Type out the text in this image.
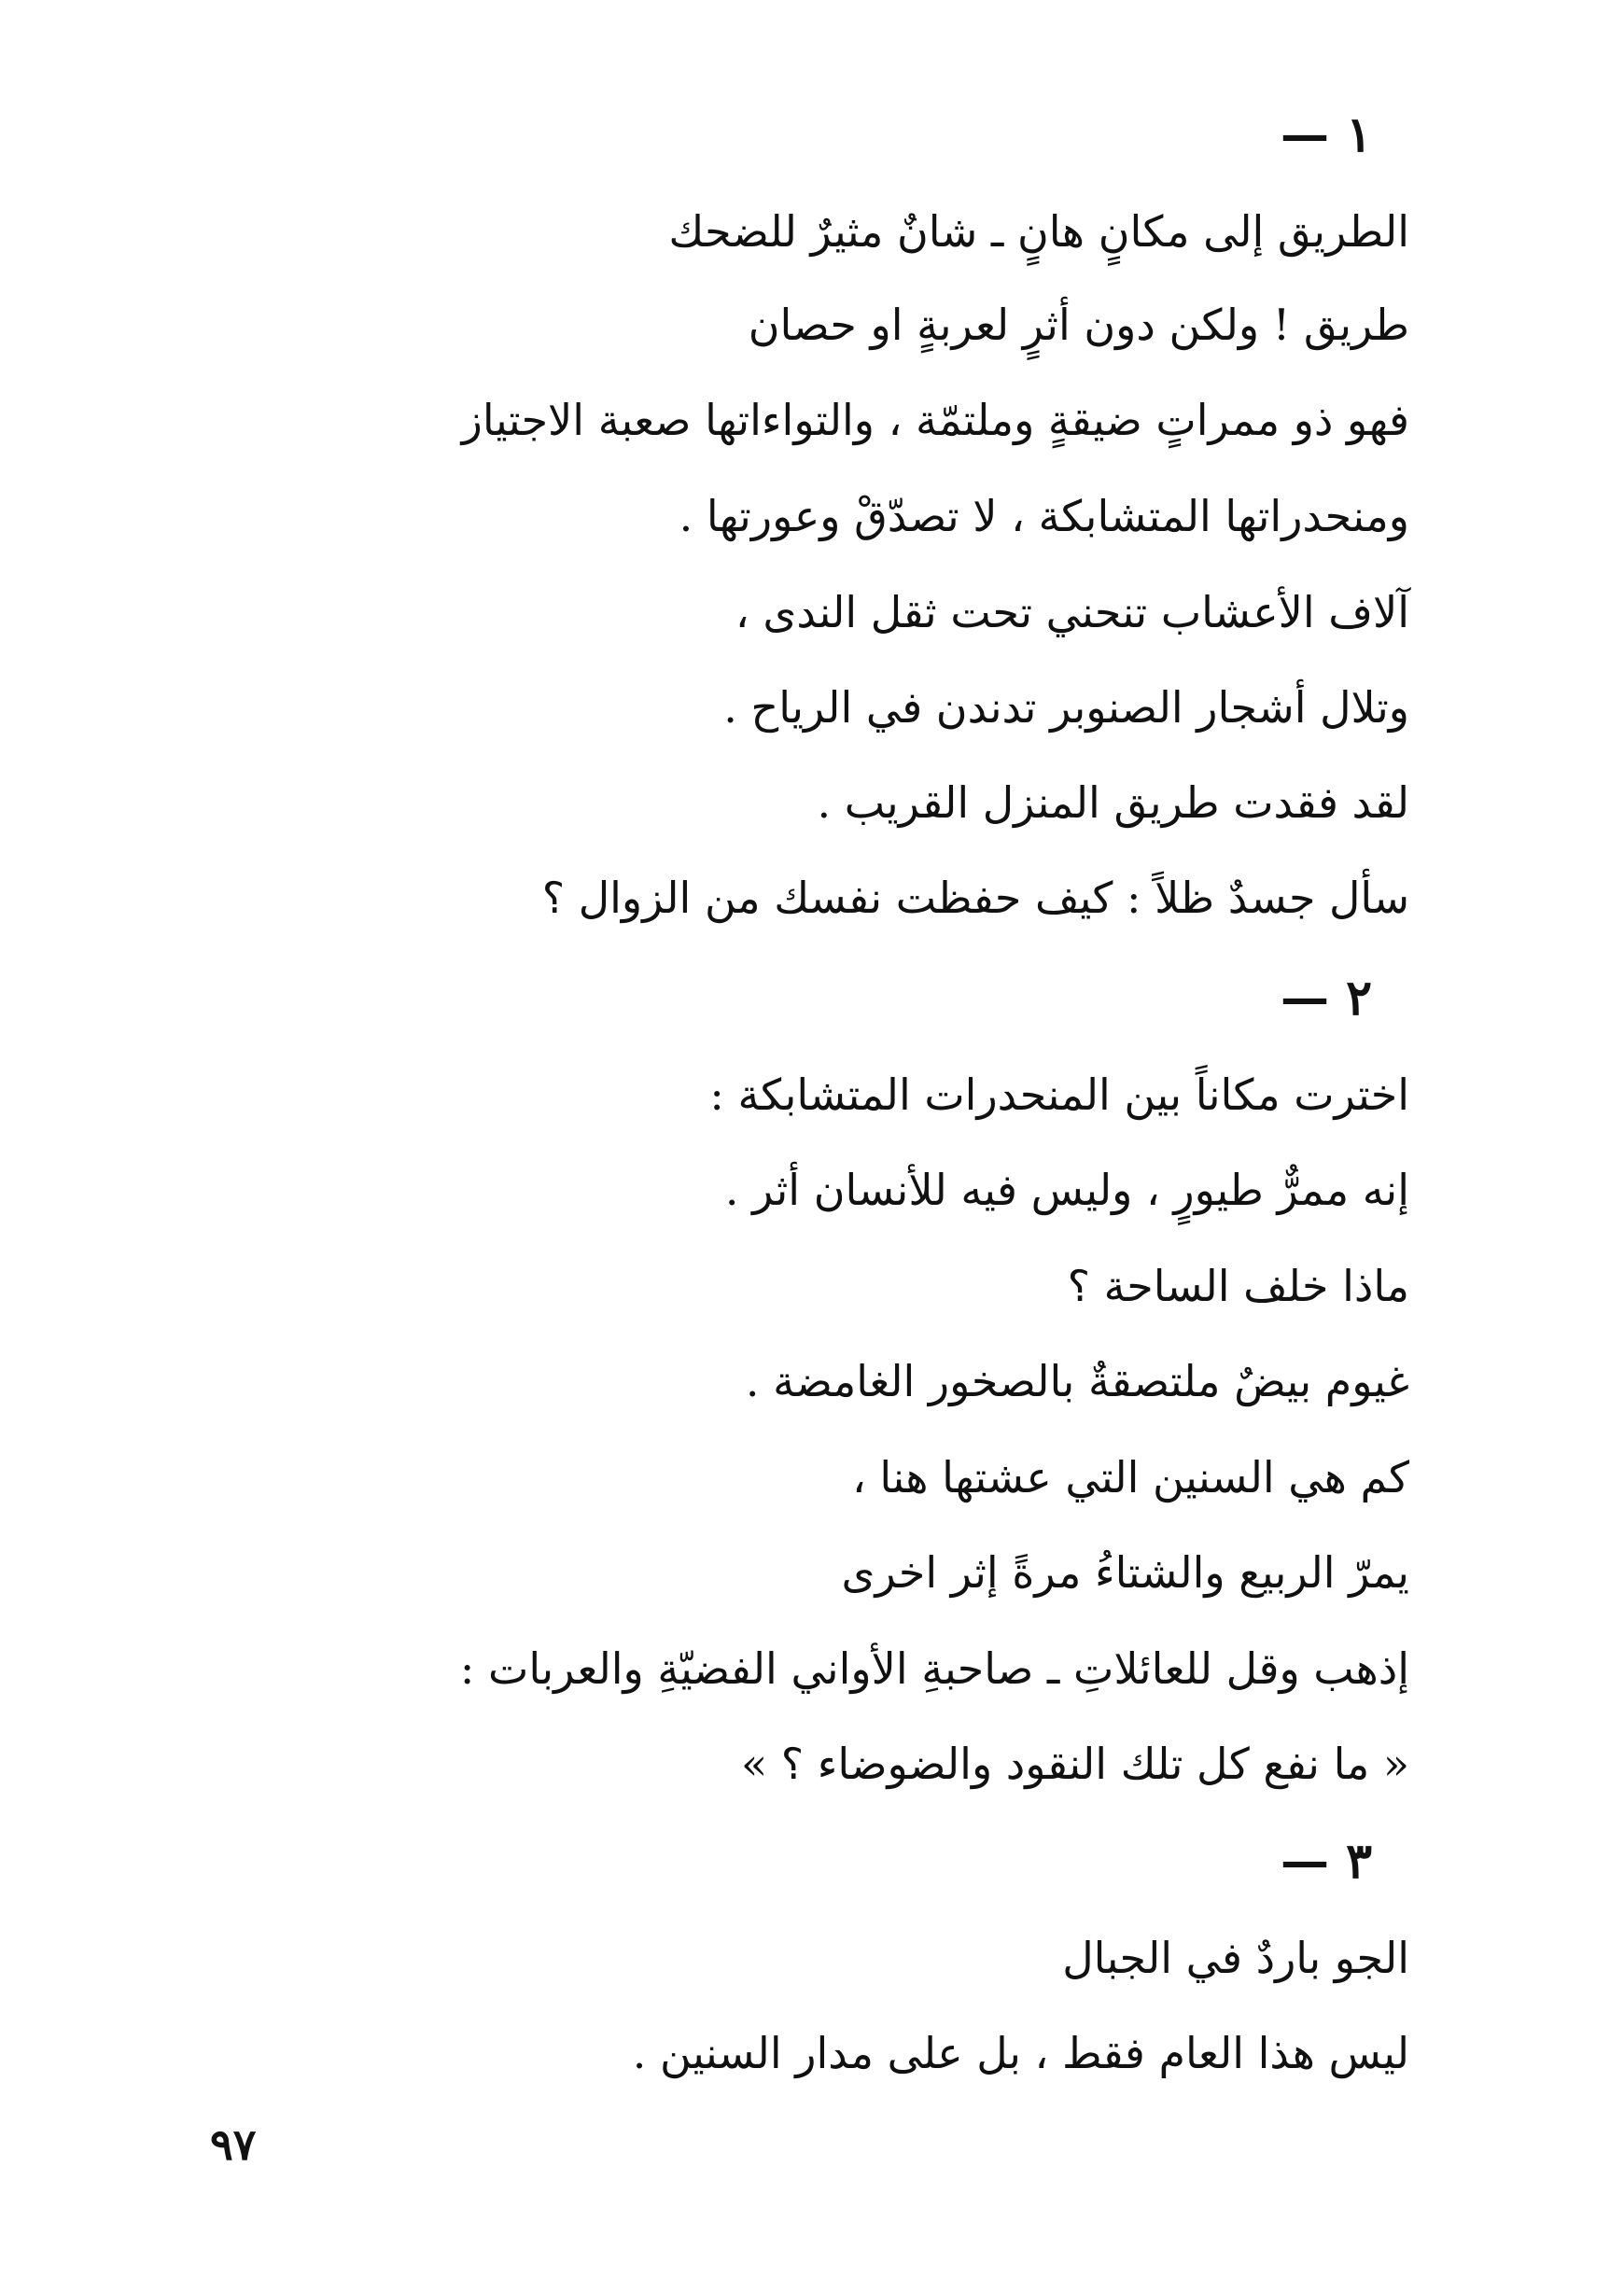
١ —
الطريق إلى مكانٍ هانٍ ـ شانٌ مثيرٌ للضحك
طريق ! ولكن دون أثرٍ لعربةٍ او حصان
فهو ذو ممراتٍ ضيقةٍ وملتمّة ، والتواءاتها صعبة الاجتياز
ومنحدراتها المتشابكة ، لا تصدّقْ وعورتها .
آلاف الأعشاب تنحني تحت ثقل الندى ،
وتلال أشجار الصنوبر تدندن في الرياح .
لقد فقدت طريق المنزل القريب .
سأل جسدٌ ظلاً : كيف حفظت نفسك من الزوال ؟
٢ —
اخترت مكاناً بين المنحدرات المتشابكة :
إنه ممرٌّ طيورٍ ، وليس فيه للأنسان أثر .
ماذا خلف الساحة ؟
غيوم بيضٌ ملتصقةٌ بالصخور الغامضة .
كم هي السنين التي عشتها هنا ،
يمرّ الربيع والشتاءُ مرةً إثر اخرى
إذهب وقل للعائلاتِ ـ صاحبةِ الأواني الفضيّةِ والعربات :
« ما نفع كل تلك النقود والضوضاء ؟ »
٣ —
الجو باردٌ في الجبال
ليس هذا العام فقط ، بل على مدار السنين .
٩٧
